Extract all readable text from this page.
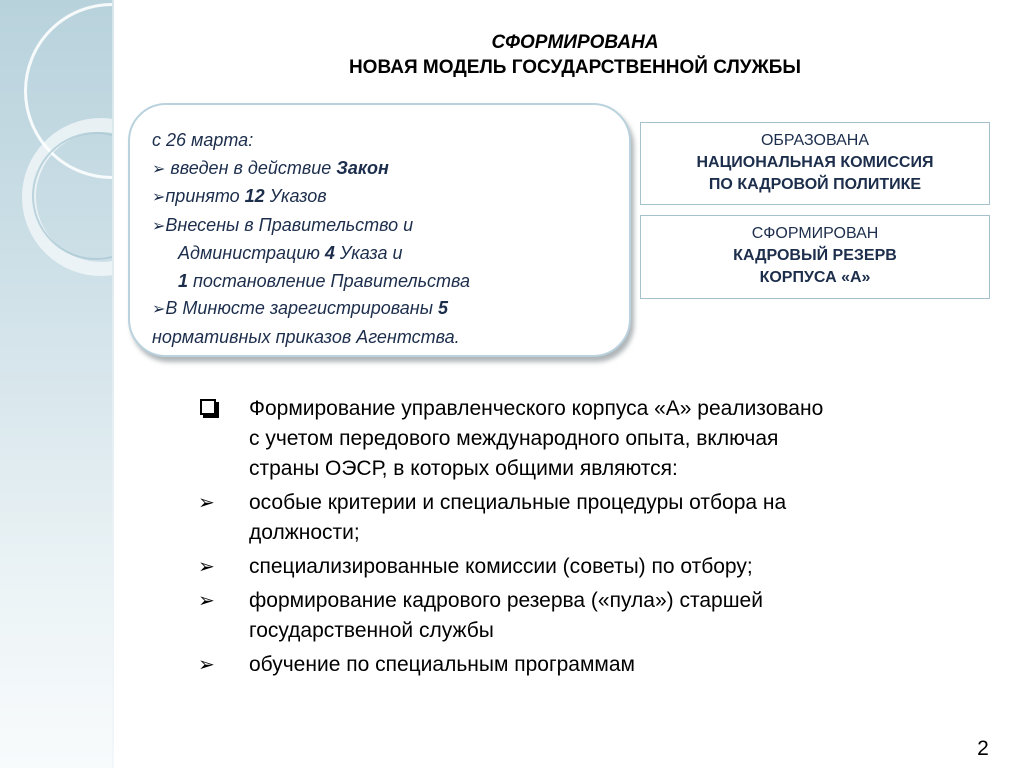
СФОРМИРОВАНА
НОВАЯ МОДЕЛЬ ГОСУДАРСТВЕННОЙ СЛУЖБЫ
с 26 марта:
➢ введен в действие Закон
➢принято 12 Указов
➢Внесены в Правительство и
Администрацию 4 Указа и
1 постановление Правительства
➢В Минюсте зарегистрированы 5
нормативных приказов Агентства.
ОБРАЗОВАНА
НАЦИОНАЛЬНАЯ КОМИССИЯ
ПО КАДРОВОЙ ПОЛИТИКЕ
СФОРМИРОВАН
КАДРОВЫЙ РЕЗЕРВ
КОРПУСА «А»
Формирование управленческого корпуса «А» реализовано
с учетом передового международного опыта, включая
страны ОЭСР, в которых общими являются:
➢	особые критерии и специальные процедуры отбора на
должности;
➢	специализированные комиссии (советы) по отбору;
➢	формирование кадрового резерва («пула») старшей
государственной службы
➢	обучение по специальным программам
2
